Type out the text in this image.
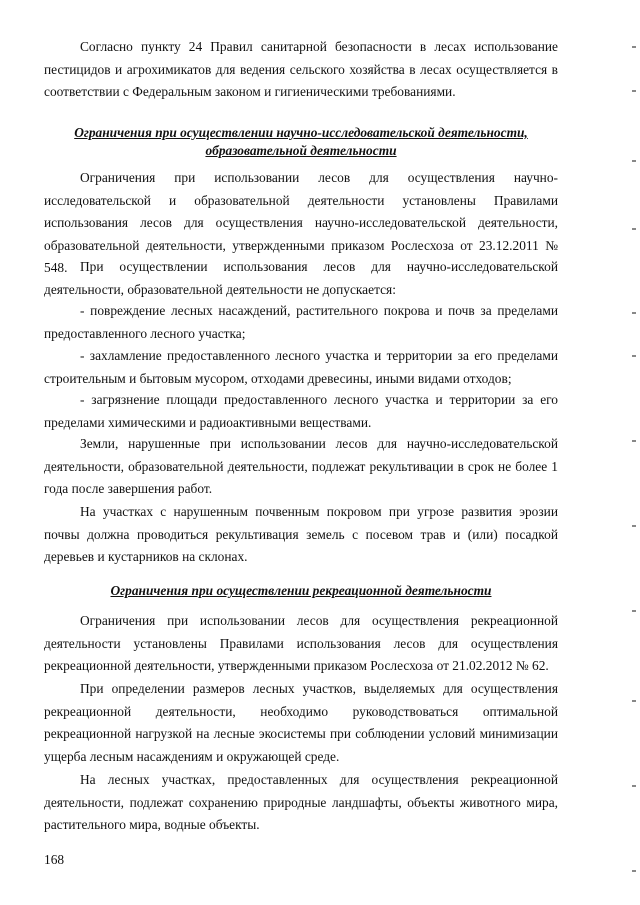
Согласно пункту 24 Правил санитарной безопасности в лесах использование пестицидов и агрохимикатов для ведения сельского хозяйства в лесах осуществляется в соответствии с Федеральным законом и гигиеническими требованиями.

Ограничения при осуществлении научно-исследовательской деятельности, образовательной деятельности

Ограничения при использовании лесов для осуществления научно-исследовательской и образовательной деятельности установлены Правилами использования лесов для осуществления научно-исследовательской деятельности, образовательной деятельности, утвержденными приказом Рослесхоза от 23.12.2011 № 548. При осуществлении использования лесов для научно-исследовательской деятельности, образовательной деятельности не допускается:

- повреждение лесных насаждений, растительного покрова и почв за пределами предоставленного лесного участка;

- захламление предоставленного лесного участка и территории за его пределами строительным и бытовым мусором, отходами древесины, иными видами отходов;

- загрязнение площади предоставленного лесного участка и территории за его пределами химическими и радиоактивными веществами.

Земли, нарушенные при использовании лесов для научно-исследовательской деятельности, образовательной деятельности, подлежат рекультивации в срок не более 1 года после завершения работ.

На участках с нарушенным почвенным покровом при угрозе развития эрозии почвы должна проводиться рекультивация земель с посевом трав и (или) посадкой деревьев и кустарников на склонах.

Ограничения при осуществлении рекреационной деятельности

Ограничения при использовании лесов для осуществления рекреационной деятельности установлены Правилами использования лесов для осуществления рекреационной деятельности, утвержденными приказом Рослесхоза от 21.02.2012 № 62.

При определении размеров лесных участков, выделяемых для осуществления рекреационной деятельности, необходимо руководствоваться оптимальной рекреационной нагрузкой на лесные экосистемы при соблюдении условий минимизации ущерба лесным насаждениям и окружающей среде.

На лесных участках, предоставленных для осуществления рекреационной деятельности, подлежат сохранению природные ландшафты, объекты животного мира, растительного мира, водные объекты.

168
